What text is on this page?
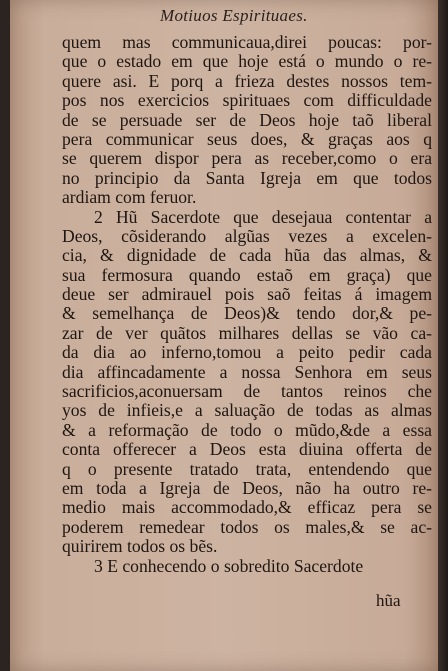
Motiuos Espirituaes.
quem mas communicaua,direi poucas: por-
que o estado em que hoje está o mundo o re-
quere asi. E porq a frieza destes nossos tem-
pos nos exercicios spirituaes com difficuldade
de se persuade ser de Deos hoje taõ liberal
pera communicar seus does, & graças aos q
se querem dispor pera as receber,como o era
no principio da Santa Igreja em que todos
ardiam com feruor.
2 Hũ Sacerdote que desejaua contentar a
Deos, cõsiderando algũas vezes a excelen-
cia, & dignidade de cada hũa das almas, &
sua fermosura quando estaõ em graça) que
deue ser admirauel pois saõ feitas á imagem
& semelhança de Deos)& tendo dor,& pe-
zar de ver quãtos milhares dellas se vão ca-
da dia ao inferno,tomou a peito pedir cada
dia affincadamente a nossa Senhora em seus
sacrificios,aconuersam de tantos reinos che
yos de infieis,e a saluação de todas as almas
& a reformação de todo o mũdo,&de a essa
conta offerecer a Deos esta diuina offerta de
q o presente tratado trata, entendendo que
em toda a Igreja de Deos, não ha outro re-
medio mais accommodado,& efficaz pera se
poderem remedear todos os males,& se ac-
quirirem todos os bẽs.
3 E conhecendo o sobredito Sacerdote
hũa
